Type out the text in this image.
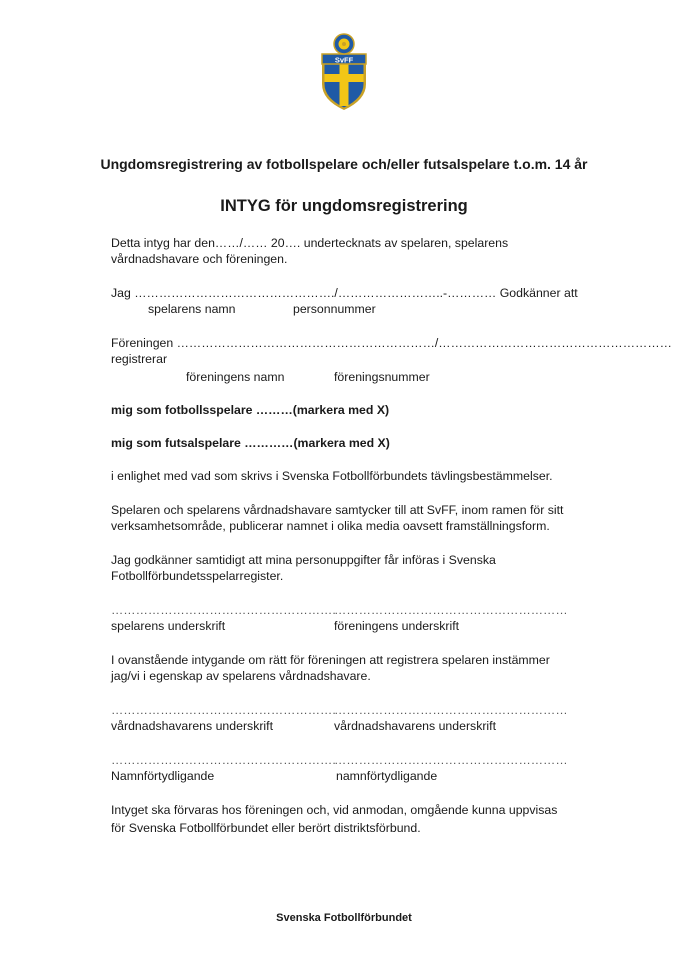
SvFF
Ungdomsregistrering av fotbollspelare och/eller futsalspelare t.o.m. 14 år
INTYG för ungdomsregistrering
Detta intyg har den……/…… 20…. undertecknats av spelaren, spelarens
vårdnadshavare och föreningen.
Jag …………………………………………./……………………..-………… Godkänner att
spelarens namn	personnummer
Föreningen ………………………………………………………/…………………………………………………
registrerar
föreningens namn	föreningsnummer
mig som fotbollsspelare ………(markera med X)
mig som futsalspelare …………(markera med X)
i enlighet med vad som skrivs i Svenska Fotbollförbundets tävlingsbestämmelser.
Spelaren och spelarens vårdnadshavare samtycker till att SvFF, inom ramen för sitt
verksamhetsområde, publicerar namnet i olika media oavsett framställningsform.
Jag godkänner samtidigt att mina personuppgifter får införas i Svenska
Fotbollförbundetsspelarregister.
……………………………………………….
…………………………………………………
spelarens underskrift	föreningens underskrift
I ovanstående intygande om rätt för föreningen att registrera spelaren instämmer
jag/vi i egenskap av spelarens vårdnadshavare.
……………………………………………….
…………………………………………………
vårdnadshavarens underskrift	vårdnadshavarens underskrift
……………………………………………….
…………………………………………………
Namnförtydligande	namnförtydligande
Intyget ska förvaras hos föreningen och, vid anmodan, omgående kunna uppvisas
för Svenska Fotbollförbundet eller berört distriktsförbund.
Svenska Fotbollförbundet
